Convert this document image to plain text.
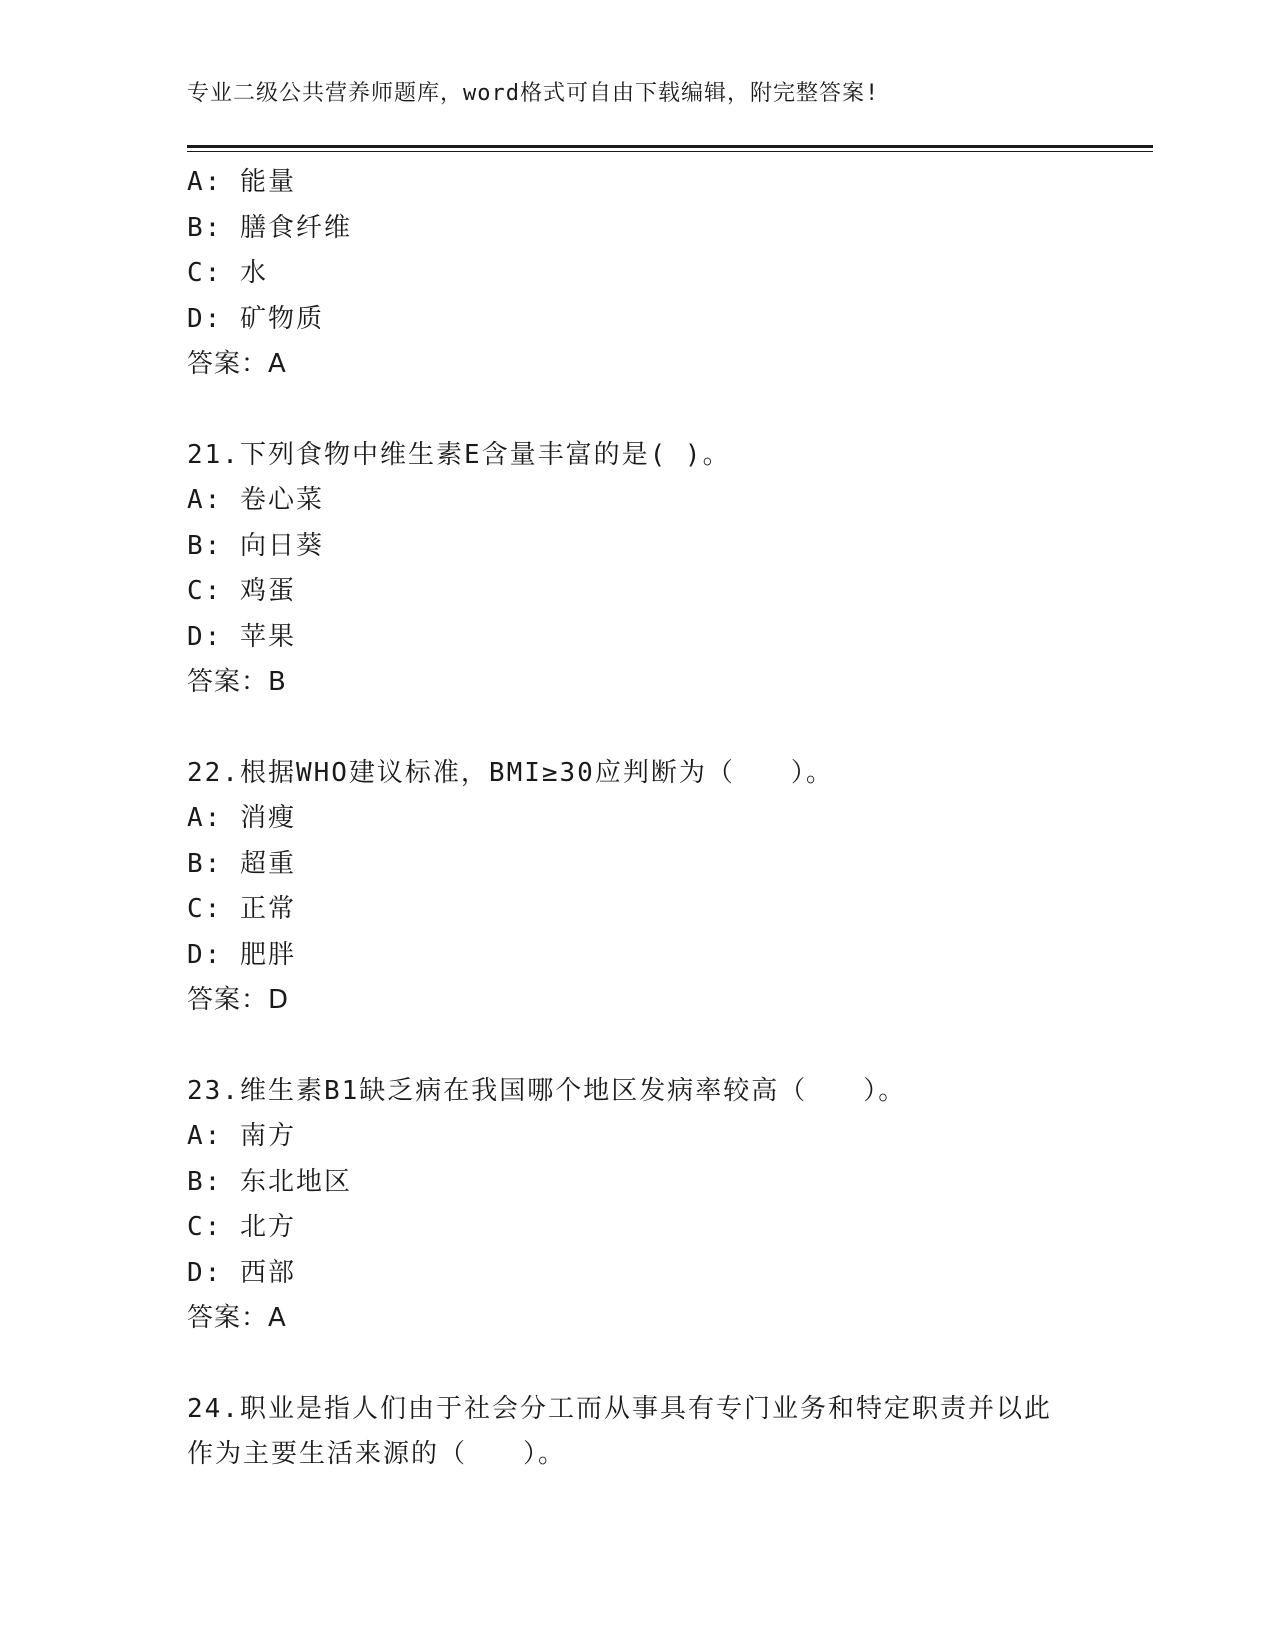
专业二级公共营养师题库，word格式可自由下载编辑，附完整答案!
A: 能量
B: 膳食纤维
C: 水
D: 矿物质
答案：A
21.下列食物中维生素E含量丰富的是( )。
A: 卷心菜
B: 向日葵
C: 鸡蛋
D: 苹果
答案：B
22.根据WHO建议标准，BMI≥30应判断为（　　）。
A: 消瘦
B: 超重
C: 正常
D: 肥胖
答案：D
23.维生素B1缺乏病在我国哪个地区发病率较高（　　）。
A: 南方
B: 东北地区
C: 北方
D: 西部
答案：A
24.职业是指人们由于社会分工而从事具有专门业务和特定职责并以此
作为主要生活来源的（　　）。
